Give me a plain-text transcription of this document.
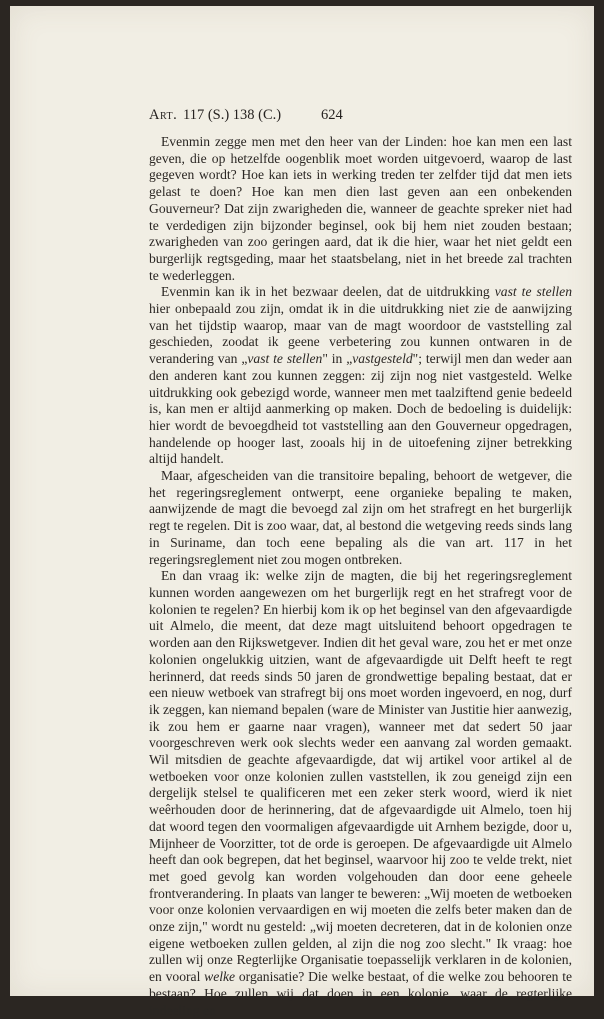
Art. 117 (S.) 138 (C.)	624

Evenmin zegge men met den heer van der Linden: hoe kan men een last geven, die op hetzelfde oogenblik moet worden uitgevoerd, waarop de last gegeven wordt? Hoe kan iets in werking treden ter zelfder tijd dat men iets gelast te doen? Hoe kan men dien last geven aan een onbekenden Gouverneur? Dat zijn zwarigheden die, wanneer de geachte spreker niet had te verdedigen zijn bijzonder beginsel, ook bij hem niet zouden bestaan; zwarigheden van zoo geringen aard, dat ik die hier, waar het niet geldt een burgerlijk regtsgeding, maar het staatsbelang, niet in het breede zal trachten te wederleggen.

Evenmin kan ik in het bezwaar deelen, dat de uitdrukking vast te stellen hier onbepaald zou zijn, omdat ik in die uitdrukking niet zie de aanwijzing van het tijdstip waarop, maar van de magt woordoor de vaststelling zal geschieden, zoodat ik geene verbetering zou kunnen ontwaren in de verandering van „vast te stellen" in „vastgesteld"; terwijl men dan weder aan den anderen kant zou kunnen zeggen: zij zijn nog niet vastgesteld. Welke uitdrukking ook gebezigd worde, wanneer men met taalziftend genie bedeeld is, kan men er altijd aanmerking op maken. Doch de bedoeling is duidelijk: hier wordt de bevoegdheid tot vaststelling aan den Gouverneur opgedragen, handelende op hooger last, zooals hij in de uitoefening zijner betrekking altijd handelt.

Maar, afgescheiden van die transitoire bepaling, behoort de wetgever, die het regeringsreglement ontwerpt, eene organieke bepaling te maken, aanwijzende de magt die bevoegd zal zijn om het strafregt en het burgerlijk regt te regelen. Dit is zoo waar, dat, al bestond die wetgeving reeds sinds lang in Suriname, dan toch eene bepaling als die van art. 117 in het regeringsreglement niet zou mogen ontbreken.

En dan vraag ik: welke zijn de magten, die bij het regeringsreglement kunnen worden aangewezen om het burgerlijk regt en het strafregt voor de kolonien te regelen? En hierbij kom ik op het beginsel van den afgevaardigde uit Almelo, die meent, dat deze magt uitsluitend behoort opgedragen te worden aan den Rijkswetgever. Indien dit het geval ware, zou het er met onze kolonien ongelukkig uitzien, want de afgevaardigde uit Delft heeft te regt herinnerd, dat reeds sinds 50 jaren de grondwettige bepaling bestaat, dat er een nieuw wetboek van strafregt bij ons moet worden ingevoerd, en nog, durf ik zeggen, kan niemand bepalen (ware de Minister van Justitie hier aanwezig, ik zou hem er gaarne naar vragen), wanneer met dat sedert 50 jaar voorgeschreven werk ook slechts weder een aanvang zal worden gemaakt. Wil mitsdien de geachte afgevaardigde, dat wij artikel voor artikel al de wetboeken voor onze kolonien zullen vaststellen, ik zou geneigd zijn een dergelijk stelsel te qualificeren met een zeker sterk woord, wierd ik niet weêrhouden door de herinnering, dat de afgevaardigde uit Almelo, toen hij dat woord tegen den voormaligen afgevaardigde uit Arnhem bezigde, door u, Mijnheer de Voorzitter, tot de orde is geroepen. De afgevaardigde uit Almelo heeft dan ook begrepen, dat het beginsel, waarvoor hij zoo te velde trekt, niet met goed gevolg kan worden volgehouden dan door eene geheele frontverandering. In plaats van langer te beweren: „Wij moeten de wetboeken voor onze kolonien vervaardigen en wij moeten die zelfs beter maken dan de onze zijn," wordt nu gesteld: „wij moeten decreteren, dat in de kolonien onze eigene wetboeken zullen gelden, al zijn die nog zoo slecht." Ik vraag: hoe zullen wij onze Regterlijke Organisatie toepasselijk verklaren in de kolonien, en vooral welke organisatie? Die welke bestaat, of die welke zou behooren te bestaan? Hoe zullen wij dat doen in een kolonie, waar de regterlijke indeeling en
